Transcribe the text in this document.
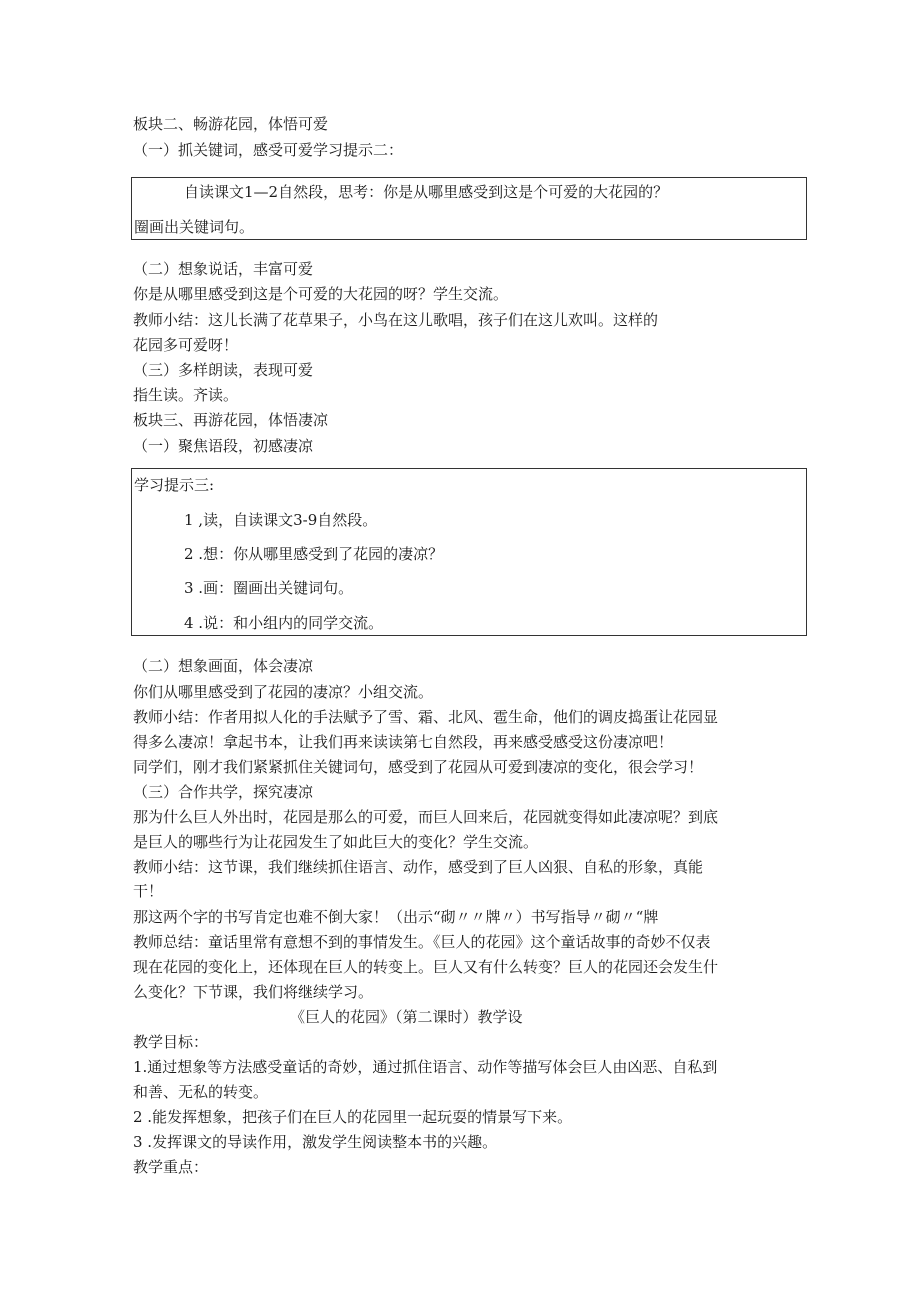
板块二、畅游花园，体悟可爱
（一）抓关键词，感受可爱学习提示二：
自读课文1—2自然段，思考：你是从哪里感受到这是个可爱的大花园的？
圈画出关键词句。
（二）想象说话，丰富可爱
你是从哪里感受到这是个可爱的大花园的呀？学生交流。
教师小结：这儿长满了花草果子，小鸟在这儿歌唱，孩子们在这儿欢叫。这样的
花园多可爱呀！
（三）多样朗读，表现可爱
指生读。齐读。
板块三、再游花园，体悟凄凉
（一）聚焦语段，初感凄凉
学习提示三:
1 ,读，自读课文3-9自然段。
2 .想：你从哪里感受到了花园的凄凉？
3 .画：圈画出关键词句。
4 .说：和小组内的同学交流。
（二）想象画面，体会凄凉
你们从哪里感受到了花园的凄凉？小组交流。
教师小结：作者用拟人化的手法赋予了雪、霜、北风、雹生命，他们的调皮捣蛋让花园显
得多么凄凉！拿起书本，让我们再来读读第七自然段，再来感受感受这份凄凉吧！
同学们，刚才我们紧紧抓住关键词句，感受到了花园从可爱到凄凉的变化，很会学习！
（三）合作共学，探究凄凉
那为什么巨人外出时，花园是那么的可爱，而巨人回来后，花园就变得如此凄凉呢？到底
是巨人的哪些行为让花园发生了如此巨大的变化？学生交流。
教师小结：这节课，我们继续抓住语言、动作，感受到了巨人凶狠、自私的形象，真能
干！
那这两个字的书写肯定也难不倒大家！（出示“砌〃〃牌〃）书写指导〃砌〃“牌
教师总结：童话里常有意想不到的事情发生。《巨人的花园》这个童话故事的奇妙不仅表
现在花园的变化上，还体现在巨人的转变上。巨人又有什么转变？巨人的花园还会发生什
么变化？下节课，我们将继续学习。
《巨人的花园》（第二课时）教学设
教学目标：
1.通过想象等方法感受童话的奇妙，通过抓住语言、动作等描写体会巨人由凶恶、自私到
和善、无私的转变。
2 .能发挥想象，把孩子们在巨人的花园里一起玩耍的情景写下来。
3 .发挥课文的导读作用，激发学生阅读整本书的兴趣。
教学重点：
